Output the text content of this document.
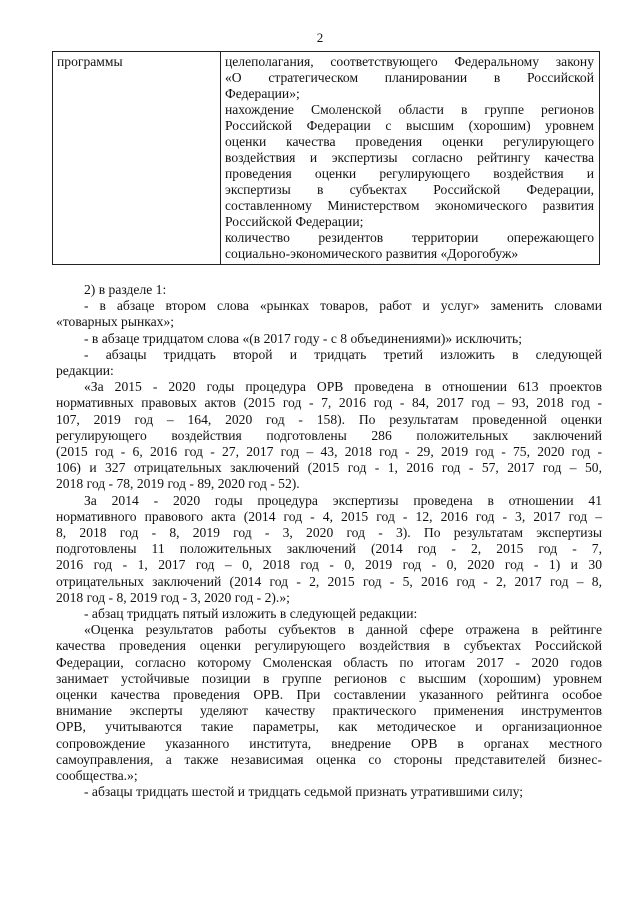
2
программы	целеполагания, соответствующего Федеральному закону
«О стратегическом планировании в Российской
Федерации»;
нахождение Смоленской области в группе регионов
Российской Федерации с высшим (хорошим) уровнем
оценки качества проведения оценки регулирующего
воздействия и экспертизы согласно рейтингу качества
проведения оценки регулирующего воздействия и
экспертизы в субъектах Российской Федерации,
составленному Министерством экономического развития
Российской Федерации;
количество резидентов территории опережающего
социально-экономического развития «Дорогобуж»
2) в разделе 1:
- в абзаце втором слова «рынках товаров, работ и услуг» заменить словами
«товарных рынках»;
- в абзаце тридцатом слова «(в 2017 году - с 8 объединениями)» исключить;
- абзацы тридцать второй и тридцать третий изложить в следующей
редакции:
«За 2015 - 2020 годы процедура ОРВ проведена в отношении 613 проектов
нормативных правовых актов (2015 год - 7, 2016 год - 84, 2017 год – 93, 2018 год -
107, 2019 год – 164, 2020 год - 158). По результатам проведенной оценки
регулирующего воздействия подготовлены 286 положительных заключений
(2015 год - 6, 2016 год - 27, 2017 год – 43, 2018 год - 29, 2019 год - 75, 2020 год -
106) и 327 отрицательных заключений (2015 год - 1, 2016 год - 57, 2017 год – 50,
2018 год - 78, 2019 год - 89, 2020 год - 52).
За 2014 - 2020 годы процедура экспертизы проведена в отношении 41
нормативного правового акта (2014 год - 4, 2015 год - 12, 2016 год - 3, 2017 год –
8, 2018 год - 8, 2019 год - 3, 2020 год - 3). По результатам экспертизы
подготовлены 11 положительных заключений (2014 год - 2, 2015 год - 7,
2016 год - 1, 2017 год – 0, 2018 год - 0, 2019 год - 0, 2020 год - 1) и 30
отрицательных заключений (2014 год - 2, 2015 год - 5, 2016 год - 2, 2017 год – 8,
2018 год - 8, 2019 год - 3, 2020 год - 2).»;
- абзац тридцать пятый изложить в следующей редакции:
«Оценка результатов работы субъектов в данной сфере отражена в рейтинге
качества проведения оценки регулирующего воздействия в субъектах Российской
Федерации, согласно которому Смоленская область по итогам 2017 - 2020 годов
занимает устойчивые позиции в группе регионов с высшим (хорошим) уровнем
оценки качества проведения ОРВ. При составлении указанного рейтинга особое
внимание эксперты уделяют качеству практического применения инструментов
ОРВ, учитываются такие параметры, как методическое и организационное
сопровождение указанного института, внедрение ОРВ в органах местного
самоуправления, а также независимая оценка со стороны представителей бизнес-
сообщества.»;
- абзацы тридцать шестой и тридцать седьмой признать утратившими силу;
